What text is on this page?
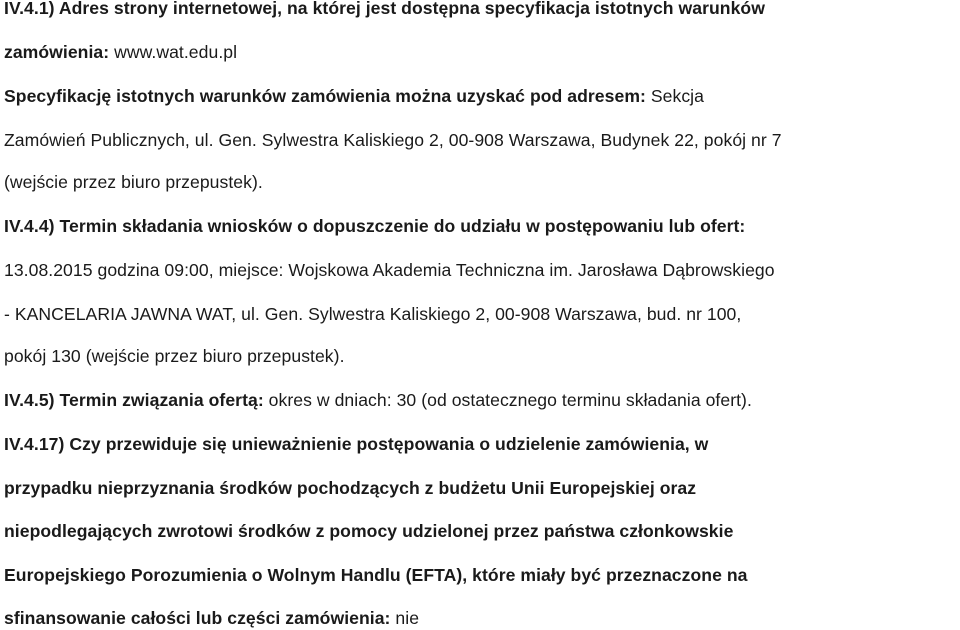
IV.4.1) Adres strony internetowej, na której jest dostępna specyfikacja istotnych warunków
zamówienia: www.wat.edu.pl
Specyfikację istotnych warunków zamówienia można uzyskać pod adresem: Sekcja
Zamówień Publicznych, ul. Gen. Sylwestra Kaliskiego 2, 00-908 Warszawa, Budynek 22, pokój nr 7
(wejście przez biuro przepustek).
IV.4.4) Termin składania wniosków o dopuszczenie do udziału w postępowaniu lub ofert:
13.08.2015 godzina 09:00, miejsce: Wojskowa Akademia Techniczna im. Jarosława Dąbrowskiego
- KANCELARIA JAWNA WAT, ul. Gen. Sylwestra Kaliskiego 2, 00-908 Warszawa, bud. nr 100,
pokój 130 (wejście przez biuro przepustek).
IV.4.5) Termin związania ofertą: okres w dniach: 30 (od ostatecznego terminu składania ofert).
IV.4.17) Czy przewiduje się unieważnienie postępowania o udzielenie zamówienia, w
przypadku nieprzyznania środków pochodzących z budżetu Unii Europejskiej oraz
niepodlegających zwrotowi środków z pomocy udzielonej przez państwa członkowskie
Europejskiego Porozumienia o Wolnym Handlu (EFTA), które miały być przeznaczone na
sfinansowanie całości lub części zamówienia: nie
